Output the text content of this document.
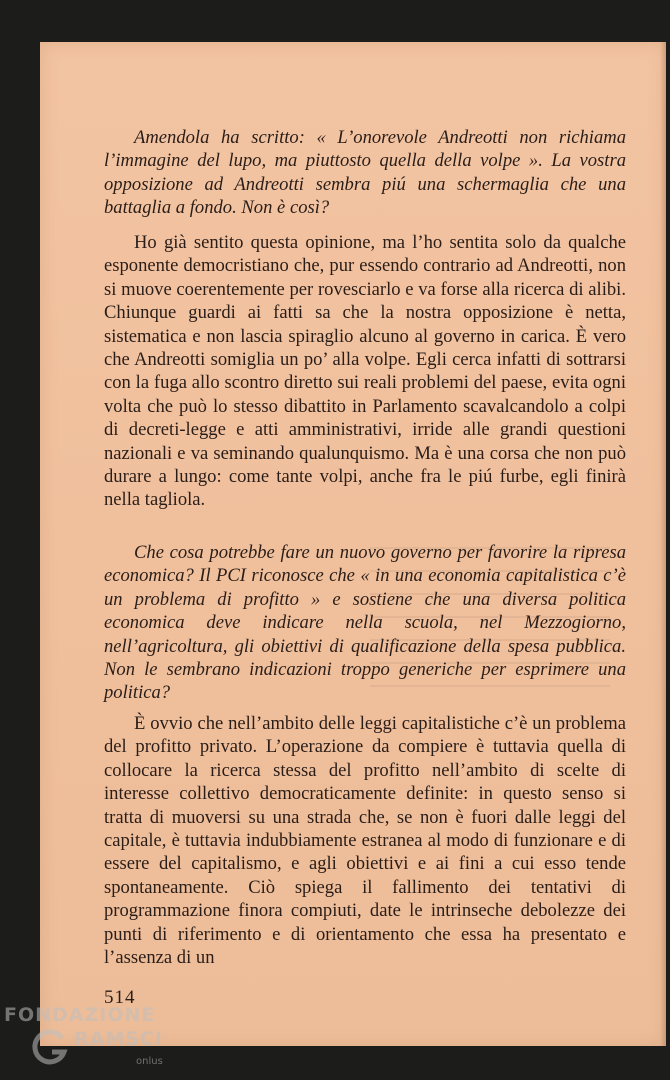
Amendola ha scritto: « L’onorevole Andreotti non richiama l’immagine del lupo, ma piuttosto quella della volpe ». La vostra opposizione ad Andreotti sembra piú una schermaglia che una battaglia a fondo. Non è così?

Ho già sentito questa opinione, ma l’ho sentita solo da qualche esponente democristiano che, pur essendo contrario ad Andreotti, non si muove coerentemente per rovesciarlo e va forse alla ricerca di alibi. Chiunque guardi ai fatti sa che la nostra opposizione è netta, sistematica e non lascia spiraglio alcuno al governo in carica. È vero che Andreotti somiglia un po’ alla volpe. Egli cerca infatti di sottrarsi con la fuga allo scontro diretto sui reali problemi del paese, evita ogni volta che può lo stesso dibattito in Parlamento scavalcandolo a colpi di decreti-legge e atti amministrativi, irride alle grandi questioni nazionali e va seminando qualunquismo. Ma è una corsa che non può durare a lungo: come tante volpi, anche fra le piú furbe, egli finirà nella tagliola.

Che cosa potrebbe fare un nuovo governo per favorire la ripresa economica? Il PCI riconosce che « in una economia capitalistica c’è un problema di profitto » e sostiene che una diversa politica economica deve indicare nella scuola, nel Mezzogiorno, nell’agricoltura, gli obiettivi di qualificazione della spesa pubblica. Non le sembrano indicazioni troppo generiche per esprimere una politica?

È ovvio che nell’ambito delle leggi capitalistiche c’è un problema del profitto privato. L’operazione da compiere è tuttavia quella di collocare la ricerca stessa del profitto nell’ambito di scelte di interesse collettivo democraticamente definite: in questo senso si tratta di muoversi su una strada che, se non è fuori dalle leggi del capitale, è tuttavia indubbiamente estranea al modo di funzionare e di essere del capitalismo, e agli obiettivi e ai fini a cui esso tende spontaneamente. Ciò spiega il fallimento dei tentativi di programmazione finora compiuti, date le intrinseche debolezze dei punti di riferimento e di orientamento che essa ha presentato e l’assenza di un

514
FONDAZIONE
RAMSCI
onlus
